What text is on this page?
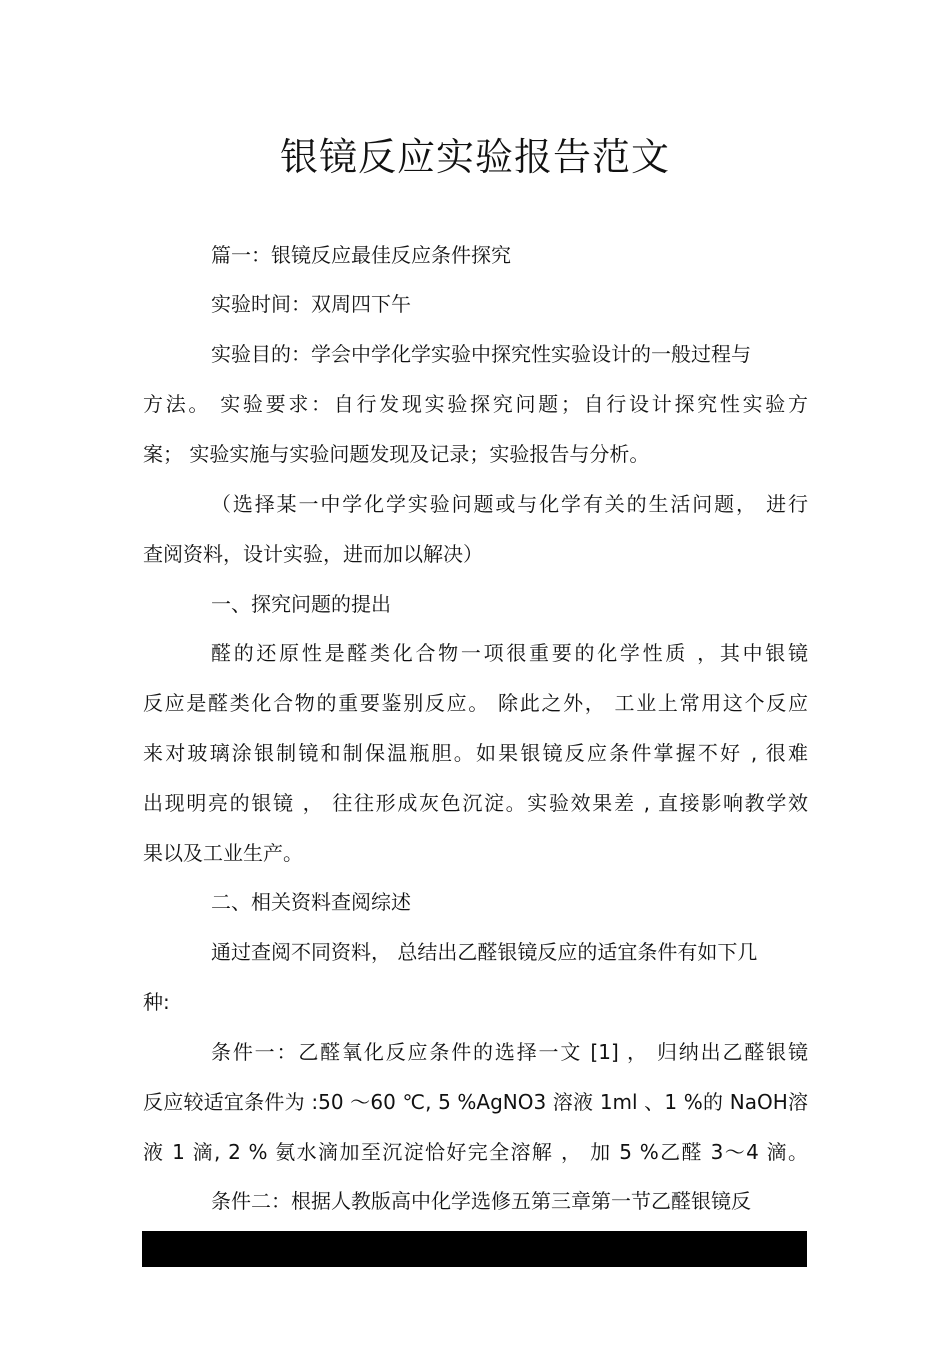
银镜反应实验报告范文
篇一：银镜反应最佳反应条件探究
实验时间：双周四下午
实验目的：学会中学化学实验中探究性实验设计的一般过程与
方法。 实验要求：自行发现实验探究问题；自行设计探究性实验方
案； 实验实施与实验问题发现及记录；实验报告与分析。
（选择某一中学化学实验问题或与化学有关的生活问题， 进行
查阅资料，设计实验，进而加以解决）
一、探究问题的提出
醛的还原性是醛类化合物一项很重要的化学性质 ，其中银镜
反应是醛类化合物的重要鉴别反应。 除此之外， 工业上常用这个反应
来对玻璃涂银制镜和制保温瓶胆。如果银镜反应条件掌握不好 , 很难
出现明亮的银镜 ， 往往形成灰色沉淀。实验效果差 , 直接影响教学效
果以及工业生产。
二、相关资料查阅综述
通过查阅不同资料， 总结出乙醛银镜反应的适宜条件有如下几
种:
条件一：乙醛氧化反应条件的选择一文 [1] ， 归纳出乙醛银镜
反应较适宜条件为 :50 ～60 ℃, 5 %AgNO3 溶液 1ml 、1 %的 NaOH溶
液 1 滴, 2 % 氨水滴加至沉淀恰好完全溶解 ， 加 5 %乙醛 3～4 滴。
条件二：根据人教版高中化学选修五第三章第一节乙醛银镜反
